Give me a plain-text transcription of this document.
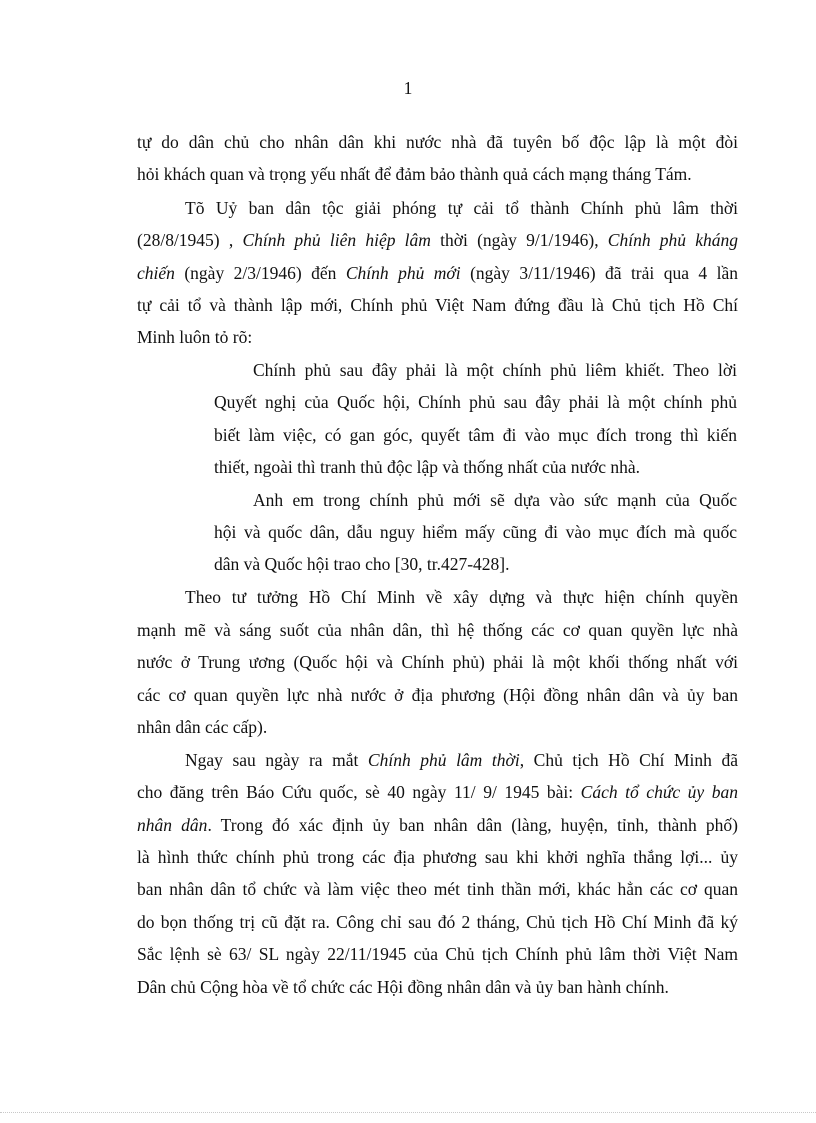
1
tự do dân chủ cho nhân dân khi nước nhà đã tuyên bố độc lập là một đòi
hỏi khách quan và trọng yếu nhất để đảm bảo thành quả cách mạng tháng Tám.
Tõ Uỷ ban dân tộc giải phóng tự cải tổ thành Chính phủ lâm thời
(28/8/1945) , Chính phủ liên hiệp lâm thời (ngày 9/1/1946), Chính phủ kháng
chiến (ngày 2/3/1946) đến Chính phủ mới (ngày 3/11/1946) đã trải qua 4 lần
tự cải tổ và thành lập mới, Chính phủ Việt Nam đứng đầu là Chủ tịch Hồ Chí
Minh luôn tỏ rõ:
Chính phủ sau đây phải là một chính phủ liêm khiết. Theo lời
Quyết nghị của Quốc hội, Chính phủ sau đây phải là một chính phủ
biết làm việc, có gan góc, quyết tâm đi vào mục đích trong thì kiến
thiết, ngoài thì tranh thủ độc lập và thống nhất của nước nhà.
Anh em trong chính phủ mới sẽ dựa vào sức mạnh của Quốc
hội và quốc dân, dẫu nguy hiểm mấy cũng đi vào mục đích mà quốc
dân và Quốc hội trao cho [30, tr.427-428].
Theo tư tưởng Hồ Chí Minh về xây dựng và thực hiện chính quyền
mạnh mẽ và sáng suốt của nhân dân, thì hệ thống các cơ quan quyền lực nhà
nước ở Trung ương (Quốc hội và Chính phủ) phải là một khối thống nhất với
các cơ quan quyền lực nhà nước ở địa phương (Hội đồng nhân dân và ủy ban
nhân dân các cấp).
Ngay sau ngày ra mắt Chính phủ lâm thời, Chủ tịch Hồ Chí Minh đã
cho đăng trên Báo Cứu quốc, sè 40 ngày 11/ 9/ 1945 bài: Cách tổ chức ủy ban
nhân dân. Trong đó xác định ủy ban nhân dân (làng, huyện, tỉnh, thành phố)
là hình thức chính phủ trong các địa phương sau khi khởi nghĩa thắng lợi... ủy
ban nhân dân tổ chức và làm việc theo mét tinh thần mới, khác hẳn các cơ quan
do bọn thống trị cũ đặt ra. Công chỉ sau đó 2 tháng, Chủ tịch Hồ Chí Minh đã ký
Sắc lệnh sè 63/ SL ngày 22/11/1945 của Chủ tịch Chính phủ lâm thời Việt Nam
Dân chủ Cộng hòa về tổ chức các Hội đồng nhân dân và ủy ban hành chính.
